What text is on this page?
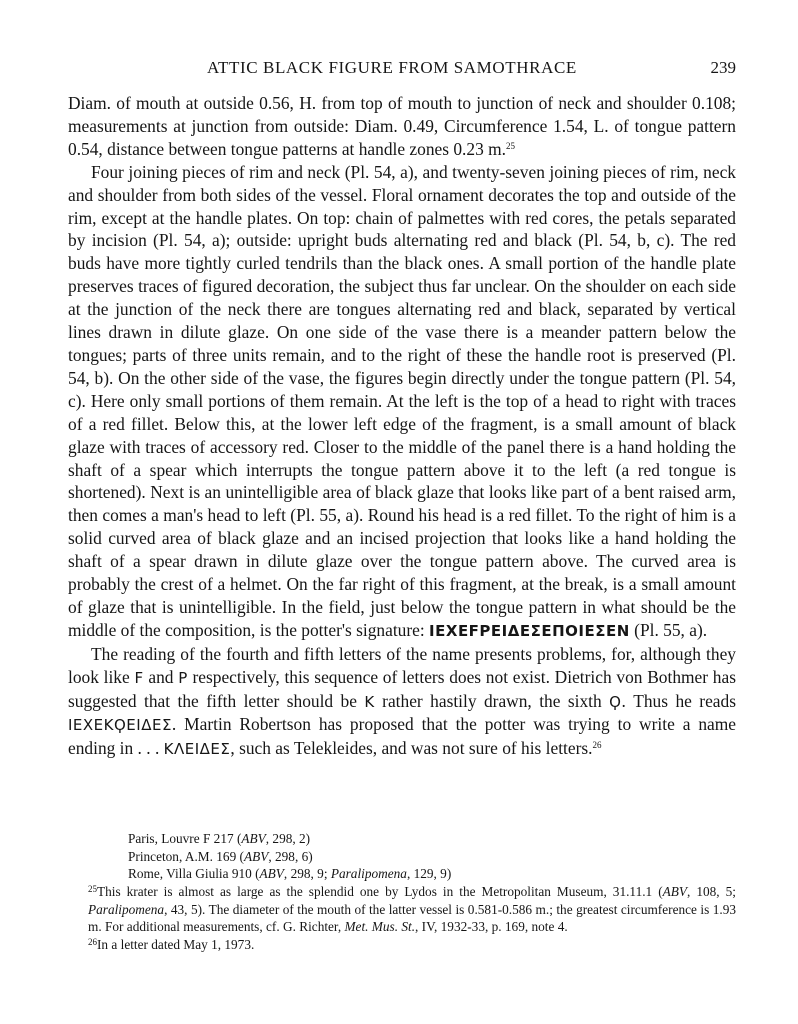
ATTIC BLACK FIGURE FROM SAMOTHRACE	239

Diam. of mouth at outside 0.56, H. from top of mouth to junction of neck and shoulder 0.108; measurements at junction from outside: Diam. 0.49, Circumference 1.54, L. of tongue pattern 0.54, distance between tongue patterns at handle zones 0.23 m.$^{25}$

Four joining pieces of rim and neck (Pl. 54, a), and twenty-seven joining pieces of rim, neck and shoulder from both sides of the vessel. Floral ornament decorates the top and outside of the rim, except at the handle plates. On top: chain of palmettes with red cores, the petals separated by incision (Pl. 54, a); outside: upright buds alternating red and black (Pl. 54, b, c). The red buds have more tightly curled tendrils than the black ones. A small portion of the handle plate preserves traces of figured decoration, the subject thus far unclear. On the shoulder on each side at the junction of the neck there are tongues alternating red and black, separated by vertical lines drawn in dilute glaze. On one side of the vase there is a meander pattern below the tongues; parts of three units remain, and to the right of these the handle root is preserved (Pl. 54, b). On the other side of the vase, the figures begin directly under the tongue pattern (Pl. 54, c). Here only small portions of them remain. At the left is the top of a head to right with traces of a red fillet. Below this, at the lower left edge of the fragment, is a small amount of black glaze with traces of accessory red. Closer to the middle of the panel there is a hand holding the shaft of a spear which interrupts the tongue pattern above it to the left (a red tongue is shortened). Next is an unintelligible area of black glaze that looks like part of a bent raised arm, then comes a man's head to left (Pl. 55, a). Round his head is a red fillet. To the right of him is a solid curved area of black glaze and an incised projection that looks like a hand holding the shaft of a spear drawn in dilute glaze over the tongue pattern above. The curved area is probably the crest of a helmet. On the far right of this fragment, at the break, is a small amount of glaze that is unintelligible. In the field, just below the tongue pattern in what should be the middle of the composition, is the potter's signature: ΙΕΧΕϜΡΕΙΔΕΣΕΠΟΙΕΣΕΝ (Pl. 55, a).

The reading of the fourth and fifth letters of the name presents problems, for, although they look like Ϝ and Ρ respectively, this sequence of letters does not exist. Dietrich von Bothmer has suggested that the fifth letter should be Κ rather hastily drawn, the sixth Ϙ. Thus he reads ΙΕΧΕΚϘΕΙΔΕΣ. Martin Robertson has proposed that the potter was trying to write a name ending in . . . ΚΛΕΙΔΕΣ, such as Telekleides, and was not sure of his letters.$^{26}$

Paris, Louvre F 217 (ABV, 298, 2)
Princeton, A.M. 169 (ABV, 298, 6)
Rome, Villa Giulia 910 (ABV, 298, 9; Paralipomena, 129, 9)

$^{25}$This krater is almost as large as the splendid one by Lydos in the Metropolitan Museum, 31.11.1 (ABV, 108, 5; Paralipomena, 43, 5). The diameter of the mouth of the latter vessel is 0.581-0.586 m.; the greatest circumference is 1.93 m. For additional measurements, cf. G. Richter, Met. Mus. St., IV, 1932-33, p. 169, note 4.

$^{26}$In a letter dated May 1, 1973.
